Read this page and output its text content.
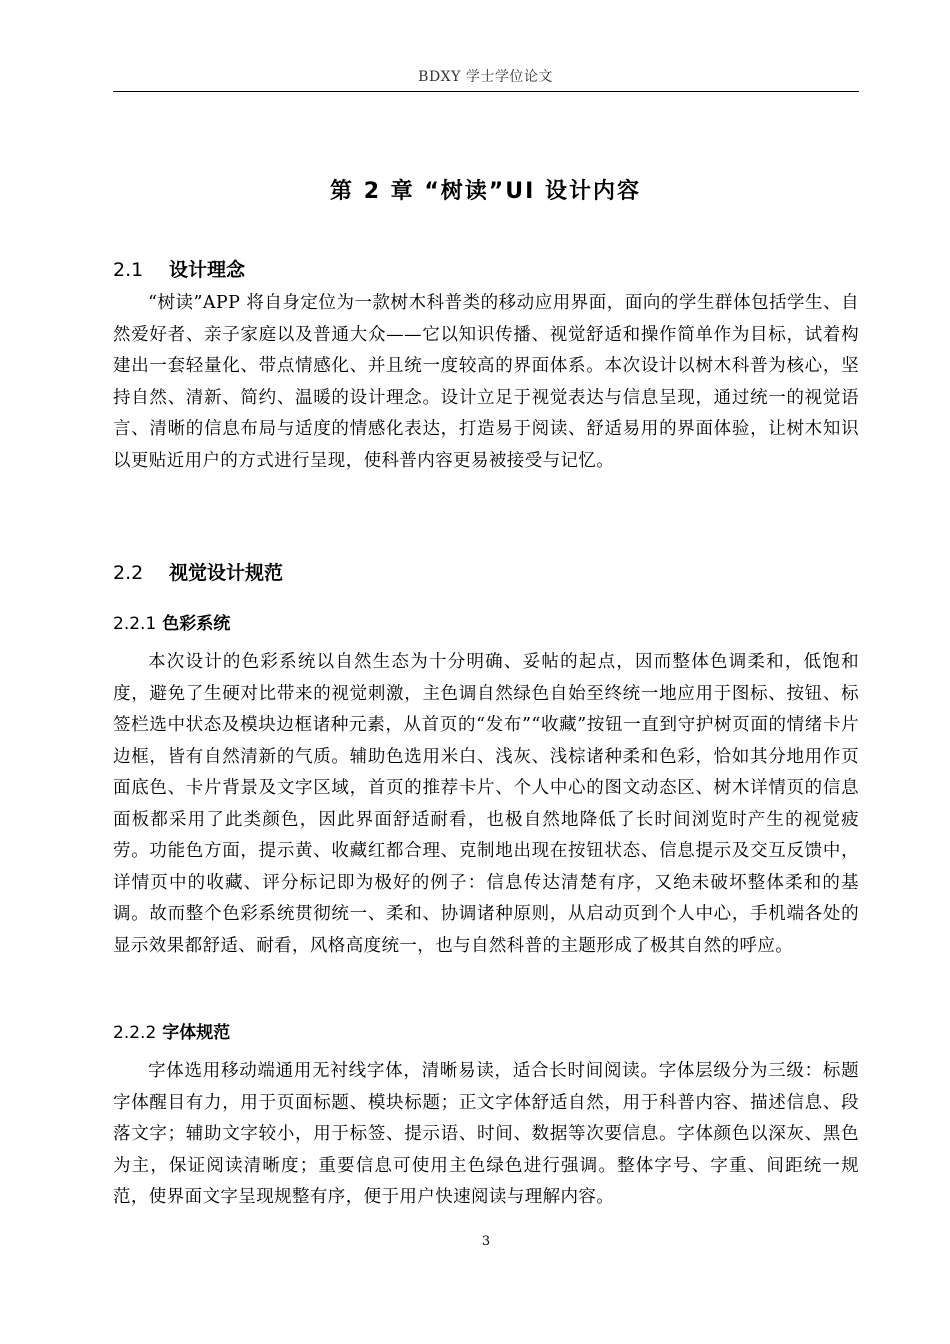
BDXY 学士学位论文
第 2 章 “树读”UI 设计内容
2.1 设计理念
“树读”APP 将自身定位为一款树木科普类的移动应用界面，面向的学生群体包括学生、自然爱好者、亲子家庭以及普通大众——它以知识传播、视觉舒适和操作简单作为目标，试着构建出一套轻量化、带点情感化、并且统一度较高的界面体系。本次设计以树木科普为核心，坚持自然、清新、简约、温暖的设计理念。设计立足于视觉表达与信息呈现，通过统一的视觉语言、清晰的信息布局与适度的情感化表达，打造易于阅读、舒适易用的界面体验，让树木知识以更贴近用户的方式进行呈现，使科普内容更易被接受与记忆。
2.2 视觉设计规范
2.2.1 色彩系统
本次设计的色彩系统以自然生态为十分明确、妥帖的起点，因而整体色调柔和，低饱和度，避免了生硬对比带来的视觉刺激，主色调自然绿色自始至终统一地应用于图标、按钮、标签栏选中状态及模块边框诸种元素，从首页的“发布”“收藏”按钮一直到守护树页面的情绪卡片边框，皆有自然清新的气质。辅助色选用米白、浅灰、浅棕诸种柔和色彩，恰如其分地用作页面底色、卡片背景及文字区域，首页的推荐卡片、个人中心的图文动态区、树木详情页的信息面板都采用了此类颜色，因此界面舒适耐看，也极自然地降低了长时间浏览时产生的视觉疲劳。功能色方面，提示黄、收藏红都合理、克制地出现在按钮状态、信息提示及交互反馈中，详情页中的收藏、评分标记即为极好的例子：信息传达清楚有序，又绝未破坏整体柔和的基调。故而整个色彩系统贯彻统一、柔和、协调诸种原则，从启动页到个人中心，手机端各处的显示效果都舒适、耐看，风格高度统一，也与自然科普的主题形成了极其自然的呼应。
2.2.2 字体规范
字体选用移动端通用无衬线字体，清晰易读，适合长时间阅读。字体层级分为三级：标题字体醒目有力，用于页面标题、模块标题；正文字体舒适自然，用于科普内容、描述信息、段落文字；辅助文字较小，用于标签、提示语、时间、数据等次要信息。字体颜色以深灰、黑色为主，保证阅读清晰度；重要信息可使用主色绿色进行强调。整体字号、字重、间距统一规范，使界面文字呈现规整有序，便于用户快速阅读与理解内容。
3
